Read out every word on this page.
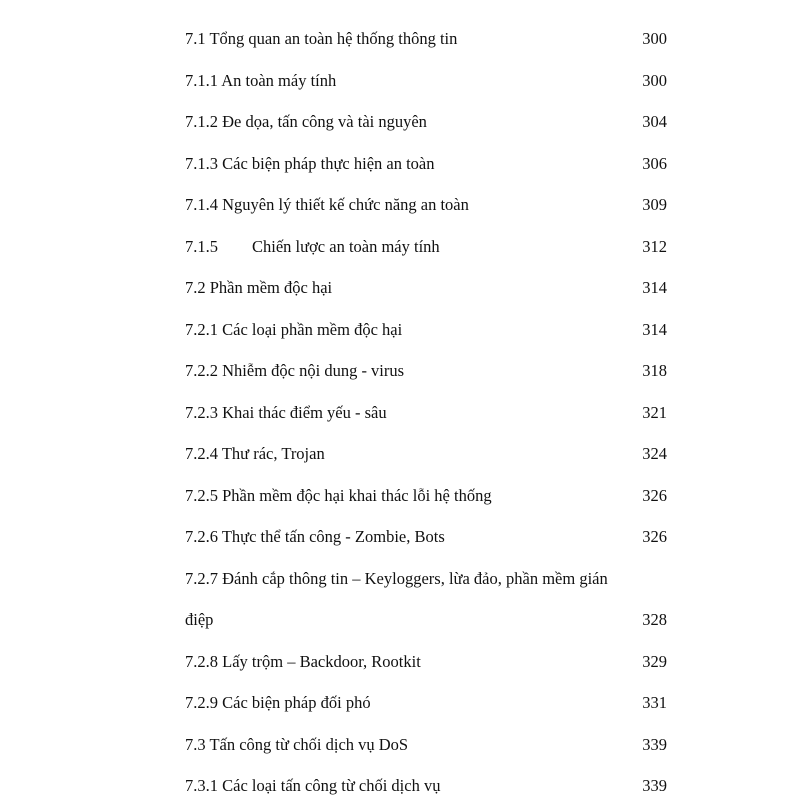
7.1 Tổng quan an toàn hệ thống thông tin .....	300
7.1.1 An toàn máy tính .....	300
7.1.2 Đe dọa, tấn công và tài nguyên .....	304
7.1.3 Các biện pháp thực hiện an toàn .....	306
7.1.4 Nguyên lý thiết kế chức năng an toàn .....	309
7.1.5 Chiến lược an toàn máy tính .....	312
7.2 Phần mềm độc hại .....	314
7.2.1 Các loại phần mềm độc hại .....	314
7.2.2 Nhiễm độc nội dung - virus .....	318
7.2.3 Khai thác điểm yếu - sâu .....	321
7.2.4 Thư rác, Trojan .....	324
7.2.5 Phần mềm độc hại khai thác lỗi hệ thống .....	326
7.2.6 Thực thể tấn công - Zombie, Bots .....	326
7.2.7 Đánh cắp thông tin – Keyloggers, lừa đảo, phần mềm gián
điệp .....	328
7.2.8 Lấy trộm – Backdoor, Rootkit .....	329
7.2.9 Các biện pháp đối phó .....	331
7.3 Tấn công từ chối dịch vụ DoS .....	339
7.3.1 Các loại tấn công từ chối dịch vụ .....	339
